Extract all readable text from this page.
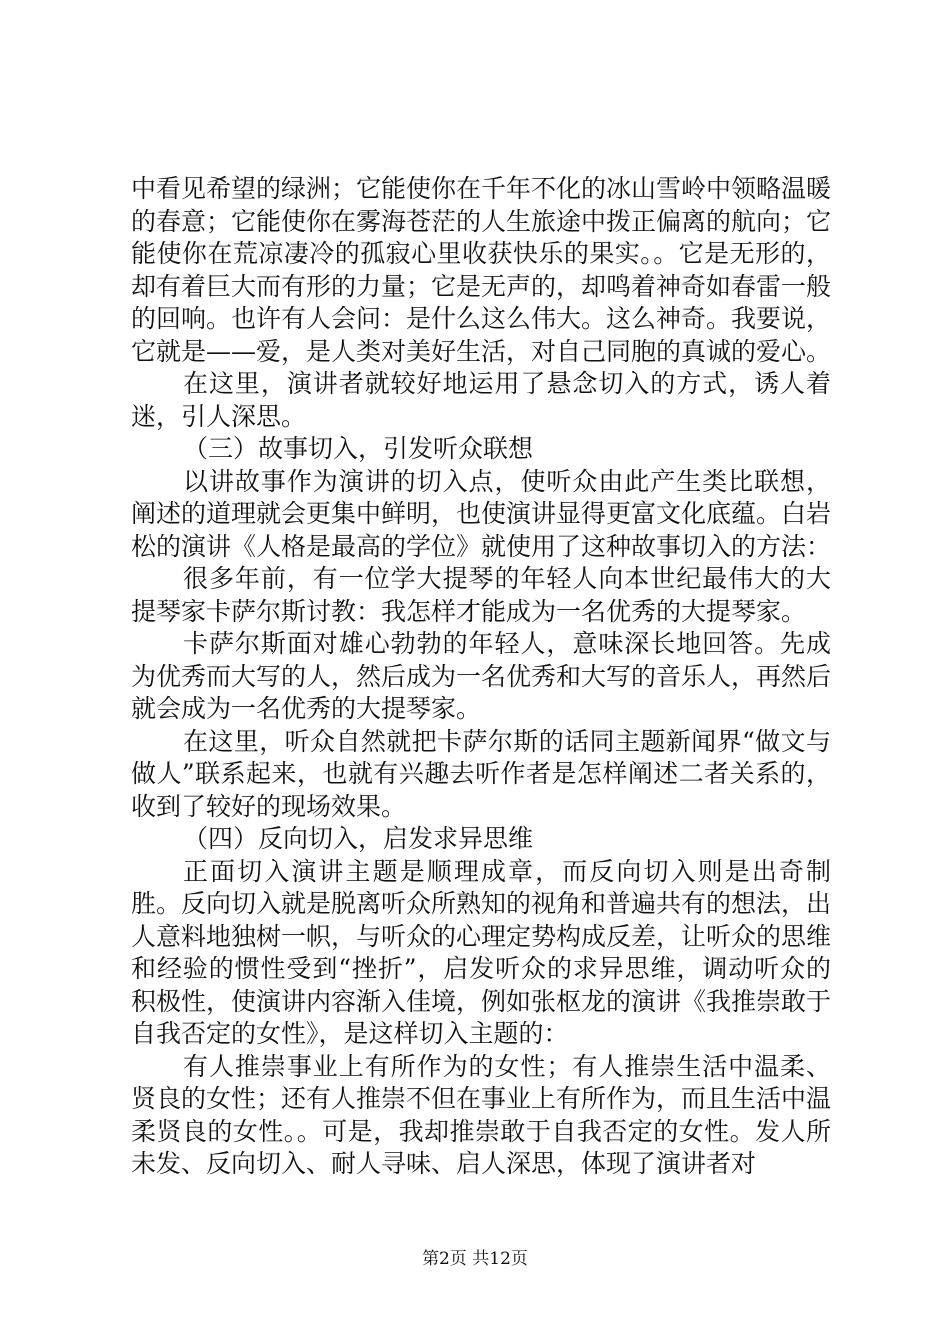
中看见希望的绿洲；它能使你在千年不化的冰山雪岭中领略温暖的春意；它能使你在雾海苍茫的人生旅途中拨正偏离的航向；它能使你在荒凉凄冷的孤寂心里收获快乐的果实。。它是无形的，却有着巨大而有形的力量；它是无声的，却鸣着神奇如春雷一般的回响。也许有人会问：是什么这么伟大。这么神奇。我要说，它就是——爱，是人类对美好生活，对自己同胞的真诚的爱心。

在这里，演讲者就较好地运用了悬念切入的方式，诱人着迷，引人深思。

（三）故事切入，引发听众联想

以讲故事作为演讲的切入点，使听众由此产生类比联想，阐述的道理就会更集中鲜明，也使演讲显得更富文化底蕴。白岩松的演讲《人格是最高的学位》就使用了这种故事切入的方法：

很多年前，有一位学大提琴的年轻人向本世纪最伟大的大提琴家卡萨尔斯讨教：我怎样才能成为一名优秀的大提琴家。

卡萨尔斯面对雄心勃勃的年轻人，意味深长地回答。先成为优秀而大写的人，然后成为一名优秀和大写的音乐人，再然后就会成为一名优秀的大提琴家。

在这里，听众自然就把卡萨尔斯的话同主题新闻界“做文与做人”联系起来，也就有兴趣去听作者是怎样阐述二者关系的，收到了较好的现场效果。

（四）反向切入，启发求异思维

正面切入演讲主题是顺理成章，而反向切入则是出奇制胜。反向切入就是脱离听众所熟知的视角和普遍共有的想法，出人意料地独树一帜，与听众的心理定势构成反差，让听众的思维和经验的惯性受到“挫折”，启发听众的求异思维，调动听众的积极性，使演讲内容渐入佳境，例如张枢龙的演讲《我推崇敢于自我否定的女性》，是这样切入主题的：

有人推崇事业上有所作为的女性；有人推崇生活中温柔、贤良的女性；还有人推崇不但在事业上有所作为，而且生活中温柔贤良的女性。。可是，我却推崇敢于自我否定的女性。发人所未发、反向切入、耐人寻味、启人深思，体现了演讲者对

第2页 共12页
